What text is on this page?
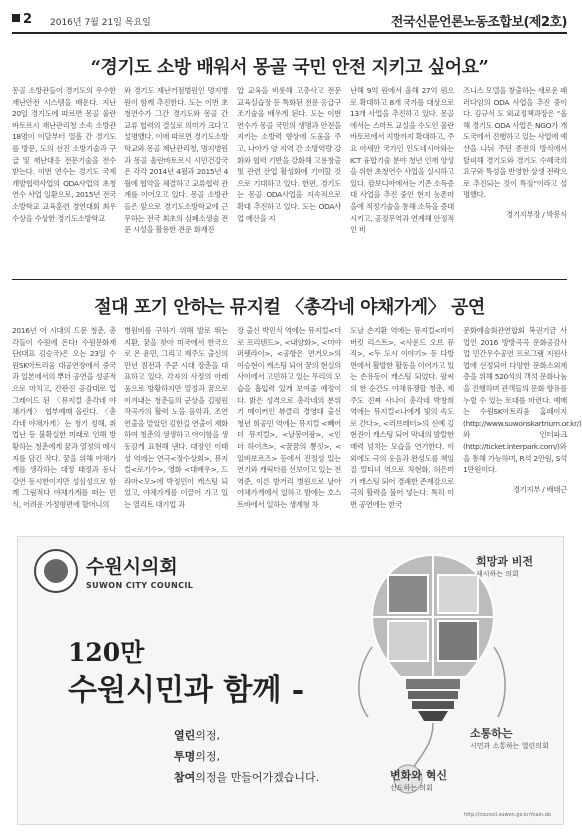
2 2016년 7월 21일 목요일	전국신문언론노동조합보(제2호)
“경기도 소방 배워서 몽골 국민 안전 지키고 싶어요”

몽골 소방관들이 경기도의 우수한 재난안전 시스템을 배운다. 지난 20일 경기도에 따르면 몽골 울란바토르시 재난관리청 소속 소방관 18명이 이달부터 열흘 간 경기도를 방문, 도의 선진 소방기술과 구급 및 재난대응 전문기술을 전수 받는다. 이번 연수는 경기도 국제개발협력사업의 ODA사업의 초청연수 사업 일환으로, 2015년 전국소방학교 교육훈련 경연대회 최우수상을 수상한 경기도소방학교

와 경기도 재난거점병원인 명지병원이 함께 추진한다. 도는 이번 초청연수가 그간 경기도와 몽골 간 교류 협력의 결실로 의미가 크다고 설명했다. 이에 따르면 경기도소방학교와 몽골 재난관리청, 명지병원과 몽골 울란바토르시 시민건강국은 각각 2014년 4월과 2015년 4월에 협약을 체결하고 교류협력 관계를 이어오고 있다. 몽골 소방관들은 앞으로 경기도소방학교에 근무하는 전국 최초의 심폐소생술 전문 시설을 활용한 전문 화재진

압 교육을 비롯해 고층사고 전문 교육실습장 등 특화된 전문 응급구조기술을 배우게 된다. 도는 이번 연수가 몽골 국민의 생명과 안전을 지키는 소방력 향상에 도움을 주고, 나아가 양 지역 간 소방역량 강화와 협력 기반을 강화해 고용창출 및 관련 산업 활성화에 기여할 것으로 기대하고 있다. 한편, 경기도는 몽골 ODA사업을 지속적으로 확대 추진하고 있다. 도는 ODA사업 예산을 지

난해 9억 원에서 올해 27억 원으로 확대하고 8개 국가를 대상으로 13개 사업을 추진하고 있다. 몽골에서는 스마트 교실을 수도인 울란바토르에서 지방까지 확대하고, 주요 아세안 국가인 인도네시아와는 ICT 융합기술 분야 청년 인재 양성을 위한 초청연수 사업을 실시하고 있다. 캄보디아에서는 기존 소득증대 사업을 추진 중인 현지 농촌마을에 적정기술을 통해 소득을 증대시키고, 공정무역과 연계해 안정적인 비

즈니스 모델을 창출하는 새로운 패러다임의 ODA 사업을 추진 중이다. 김규식 도 외교정책과장은 “올해 경기도 ODA 사업은 NGO가 개도국에서 진행하고 있는 사업에 예산을 나눠 주던 종전의 방식에서 탈피해 경기도와 경기도 수혜국의 요구와 특성을 반영한 상생 전략으로 추진되는 것이 특징”이라고 설명했다.

경기지부장 / 박봉식
절대 포기 안하는 뮤지컬 〈총각네 야채가게〉 공연

2016년 이 시대의 드문 청춘, 총각들이 수원에 온다! 수원문화재단(대표 김승국)은 오는 23일 수원SK아트리움 대공연장에서 중국과 일본에서의 뿌더 공연을 성공적으로 마치고, 간판진 공감대로 업그레이드 된 〈뮤지컬 총각네 야채가게〉 협부예매 올린다. 〈총각네 야채가게〉는 청기 정해, 취업난 등 불확실한 미래로 인해 방황하는 청춘에게 꿈과 열정의 메시지를 담긴 작다. 꿈을 위해 야채가게를 생각하는 대정 태정과 동나 강연 동시한이지만 성심성으로 함께 그림적다 야채가게를 떠는 민식, 어려운 가정형편에 할머니의

병원비를 구하기 위해 발로 뛰는 지환, 꿈을 찾아 미국에서 한국으로 온 윤민, 그리고 제주도 출신의 만년 짐전과 주쿤 시대 장춘을 대표하고 있다. 각자의 사정의 아레움으로 방황하지만 열정과 꿈으로 이겨내는 청춘들의 군상을 김평원 작곡가의 활력 노을 음악과, 조연 연출을 맡았던 김한길 연출이 재화하여 청춘의 생생하고 아이함을 생동감게 표현해 낸다. 대장인 이태성 역에는 연극<장수상회>, 뮤지컬<로기수>, 영화 <대배우>, 드라마<모>에 박정민이 캐스팅 되었고, 야채가게를 이끌어 가고 있는 열리트 대기업 과

장 출신 박민식 역에는 뮤지컬<더로 프리텐드>, <내양화>, <미야 퍼펫라이>, <공항은 연거오>의 이승현이 캐스팅 되어 꿈의 현실의 사이에서 고민하고 있는 무리의 모습을 흡입력 있게 보여줄 예정이다. 밝은 성격으로 총각네의 분위기 메이커인 뷰클리 경영대 출신 청년 희공민 역에는 뮤지컬 <빼어 더 뮤지컬>, <날봉어팡>, <인 더 하이츠>, <꿈꿈의 뽕짓>, <일바보르즈> 등에서 진정성 있는 연기와 캐릭터를 선보이고 있는 전역준, 이른 밤거리 병원으로 날아 야채가게에서 일하고 밤에는 호스트바에서 일하는 생계형 차

도날 손지환 역에는 뮤지컬<마이 버킷 리스트>, <사운드 오브 뮤직>, <두 도시 이야기> 등 다방면에서 활발한 활동을 이어가고 있는 손유동이 캐스팅 되었다. 팔씨의 한 순간도 야채유쟁할 청춘, 제주도 진짜 사나이 총각네 박창희 역에는 뮤지컬<나에게 빛의 속도로 간다>, <러브레터>의 신예 김현진이 캐스팅 되어 막내의 발랄한 매력 넘치는 모습을 연기한다. 이외에도 극의 웃음과 완성도를 책임질 멀티녀 역으로 차현화, 허은미가 캐스팅 되어 경쾌한 존재감으로 극의 활력을 불어 넣는다. 특히 이번 공연에는 한국

문화예술회관연합회 복권기금 사업인 2016 방방곡곡 문화공감사업 민간우수공연 프로그램 지원사업에 선정되어 다양한 문화소외계층을 위해 520석의 객석 문화나눔을 진행하며 관객들의 문화 향유를 누릴 수 있는 토대를 마련다. 예매는 수원SK아트리움 홈페이지(http://www.suwonskartrium.or.kr/)와 인터파크(http://ticket.interpark.com/)와 을 통해 가능하며, R석 2만원, S석 1만원이다.

경기지부 / 배태근
수원시의회
SUWON CITY COUNCIL
120만
수원시민과 함께 -
열린의정,
투명의정,
참여의정을 만들어가겠습니다.
희망과 비전
제시하는 의회
소통하는
시민과 소통하는 열린의회
변화와 혁신
선도하는 의회
http://council.suwon.go.kr/main.do
